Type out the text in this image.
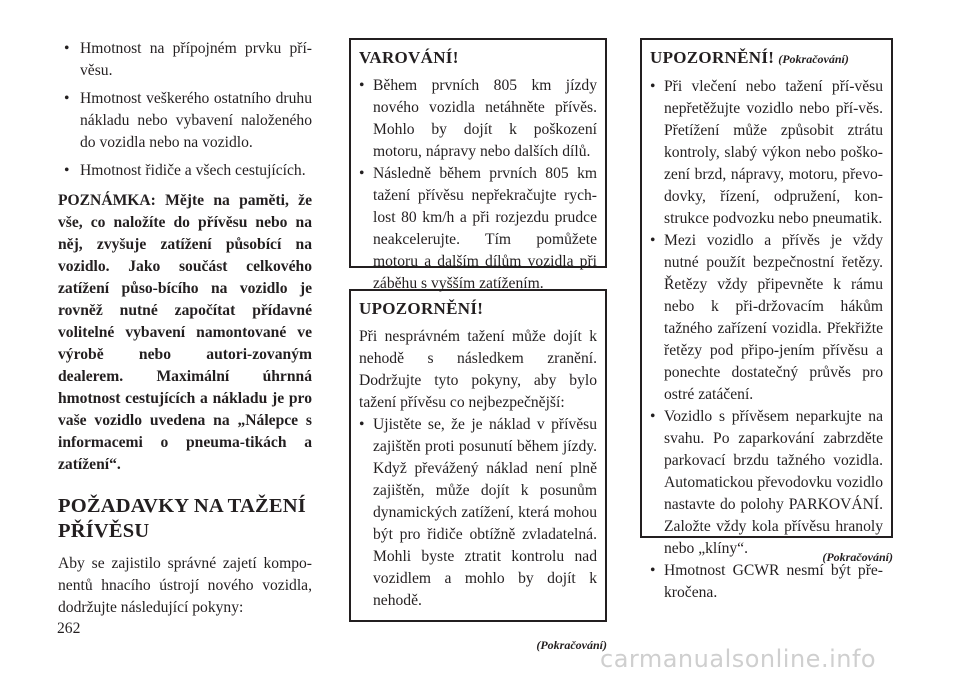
• Hmotnost na přípojném prvku pří-věsu.
• Hmotnost veškerého ostatního druhu nákladu nebo vybavení naloženého do vozidla nebo na vozidlo.
• Hmotnost řidiče a všech cestujících.
POZNÁMKA: Mějte na paměti, že vše, co naložíte do přívěsu nebo na něj, zvyšuje zatížení působící na vozidlo. Jako součást celkového zatížení půso-bícího na vozidlo je rovněž nutné započítat přídavné volitelné vybavení namontované ve výrobě nebo autori-zovaným dealerem. Maximální úhrnná hmotnost cestujících a nákladu je pro vaše vozidlo uvedena na „Nálepce s informacemi o pneuma-tikách a zatížení“.
POŽADAVKY NA TAŽENÍ PŘÍVĚSU

Aby se zajistilo správné zajetí kompo-nentů hnacího ústrojí nového vozidla, dodržujte následující pokyny:

VAROVÁNÍ!
• Během prvních 805 km jízdy nového vozidla netáhněte přívěs. Mohlo by dojít k poškození motoru, nápravy nebo dalších dílů.
• Následně během prvních 805 km tažení přívěsu nepřekračujte rych-lost 80 km/h a při rozjezdu prudce neakcelerujte. Tím pomůžete motoru a dalším dílům vozidla při záběhu s vyšším zatížením.
UPOZORNĚNÍ!

Při nesprávném tažení může dojít k nehodě s následkem zranění. Dodržujte tyto pokyny, aby bylo tažení přívěsu co nejbezpečnější:

• Ujistěte se, že je náklad v přívěsu zajištěn proti posunutí během jízdy. Když převážený náklad není plně zajištěn, může dojít k posunům dynamických zatížení, která mohou být pro řidiče obtížně zvladatelná. Mohli byste ztratit kontrolu nad vozidlem a mohlo by dojít k nehodě.
(Pokračování)
UPOZORNĚNÍ! (Pokračování)
• Při vlečení nebo tažení pří-věsu nepřetěžujte vozidlo nebo pří-věs. Přetížení může způsobit ztrátu kontroly, slabý výkon nebo poško-zení brzd, nápravy, motoru, převo-dovky, řízení, odpružení, kon-strukce podvozku nebo pneumatik.
• Mezi vozidlo a přívěs je vždy nutné použít bezpečnostní řetězy. Řetězy vždy připevněte k rámu nebo k při-držovacím hákům tažného zařízení vozidla. Překřižte řetězy pod připo-jením přívěsu a ponechte dostatečný průvěs pro ostré zatáčení.
• Vozidlo s přívěsem neparkujte na svahu. Po zaparkování zabrzděte parkovací brzdu tažného vozidla. Automatickou převodovku vozidlo nastavte do polohy PARKOVÁNÍ. Založte vždy kola přívěsu hranoly nebo „klíny“.
• Hmotnost GCWR nesmí být pře-kročena.
(Pokračování)
262
carmanualsonline.info
